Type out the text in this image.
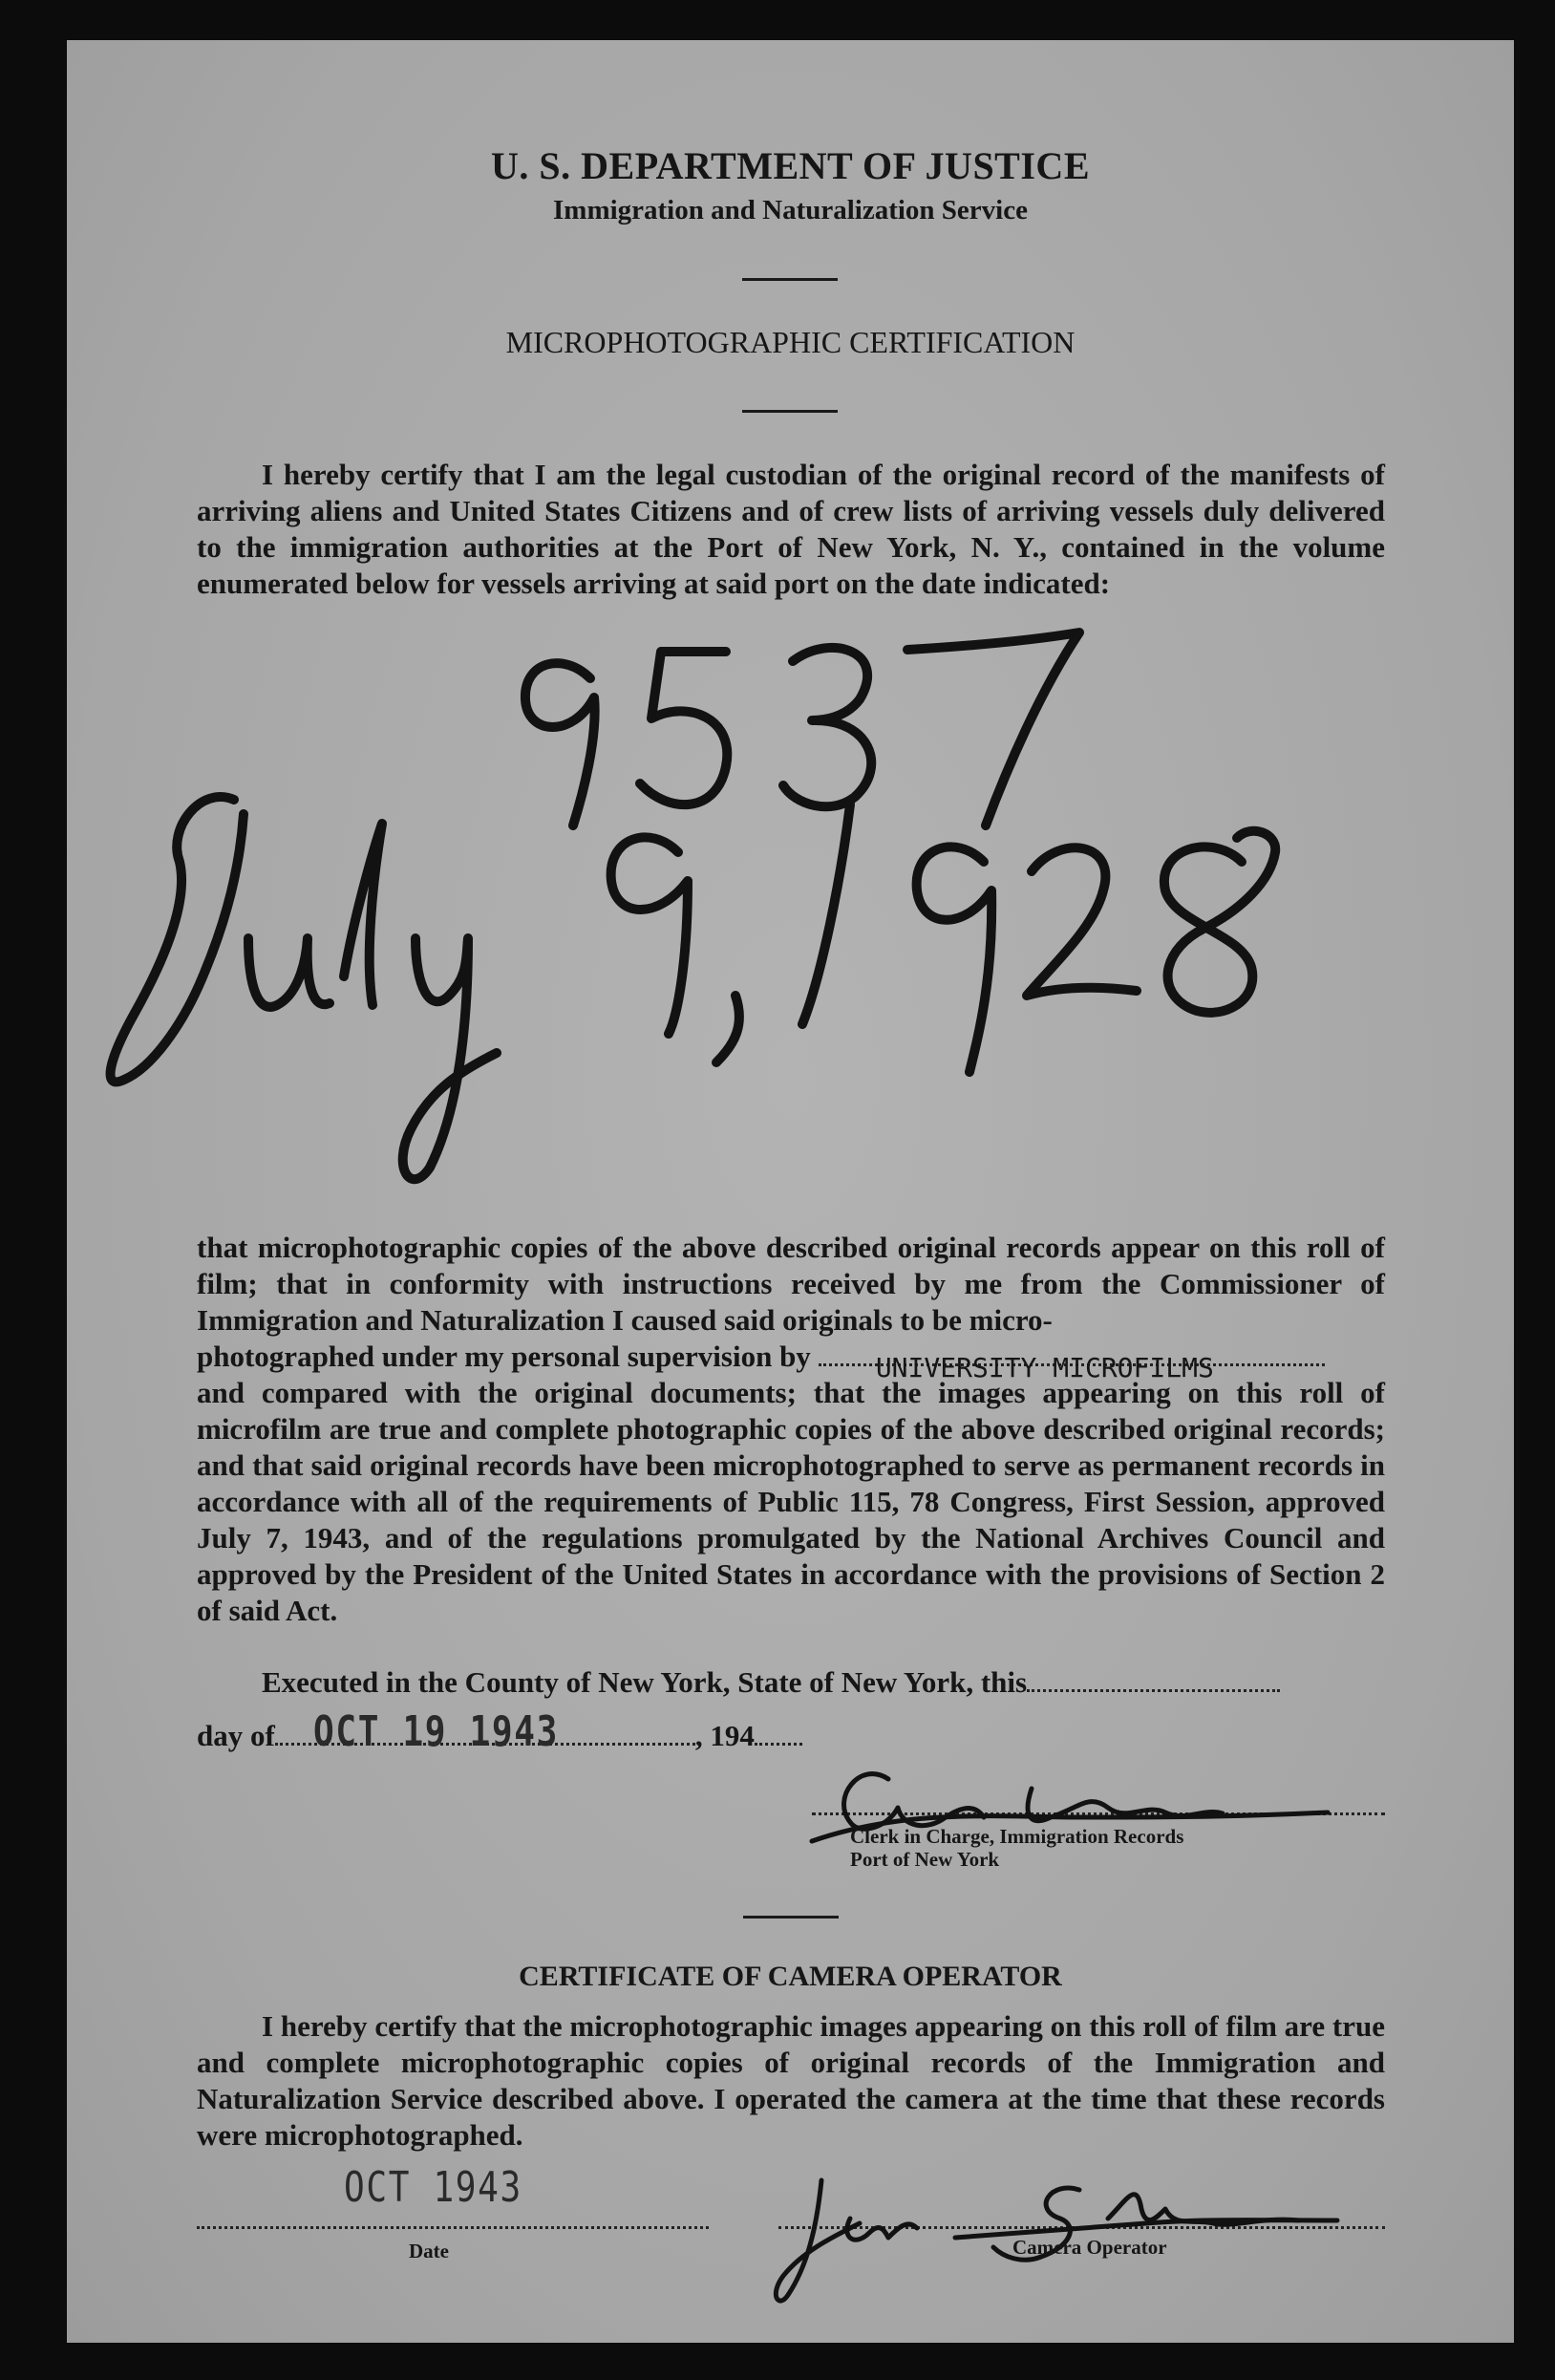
U. S. DEPARTMENT OF JUSTICE
Immigration and Naturalization Service
MICROPHOTOGRAPHIC CERTIFICATION

I hereby certify that I am the legal custodian of the original record of the manifests of arriving aliens and United States Citizens and of crew lists of arriving vessels duly delivered to the immigration authorities at the Port of New York, N. Y., contained in the volume enumerated below for vessels arriving at said port on the date indicated:

that microphotographic copies of the above described original records appear on this roll of film; that in conformity with instructions received by me from the Commissioner of Immigration and Naturalization I caused said originals to be micro-

photographed under my personal supervision by UNIVERSITY MICROFILMS

and compared with the original documents; that the images appearing on this roll of microfilm are true and complete photographic copies of the above described original records; and that said original records have been microphotographed to serve as permanent records in accordance with all of the requirements of Public 115, 78 Congress, First Session, approved July 7, 1943, and of the regulations promulgated by the National Archives Council and approved by the President of the United States in accordance with the provisions of Section 2 of said Act.

Executed in the County of New York, State of New York, this
day of OCT 19 1943	, 194
Clerk in Charge, Immigration Records
Port of New York
CERTIFICATE OF CAMERA OPERATOR

I hereby certify that the microphotographic images appearing on this roll of film are true and complete microphotographic copies of original records of the Immigration and Naturalization Service described above. I operated the camera at the time that these records were microphotographed.

OCT 1943
Date	Camera Operator
